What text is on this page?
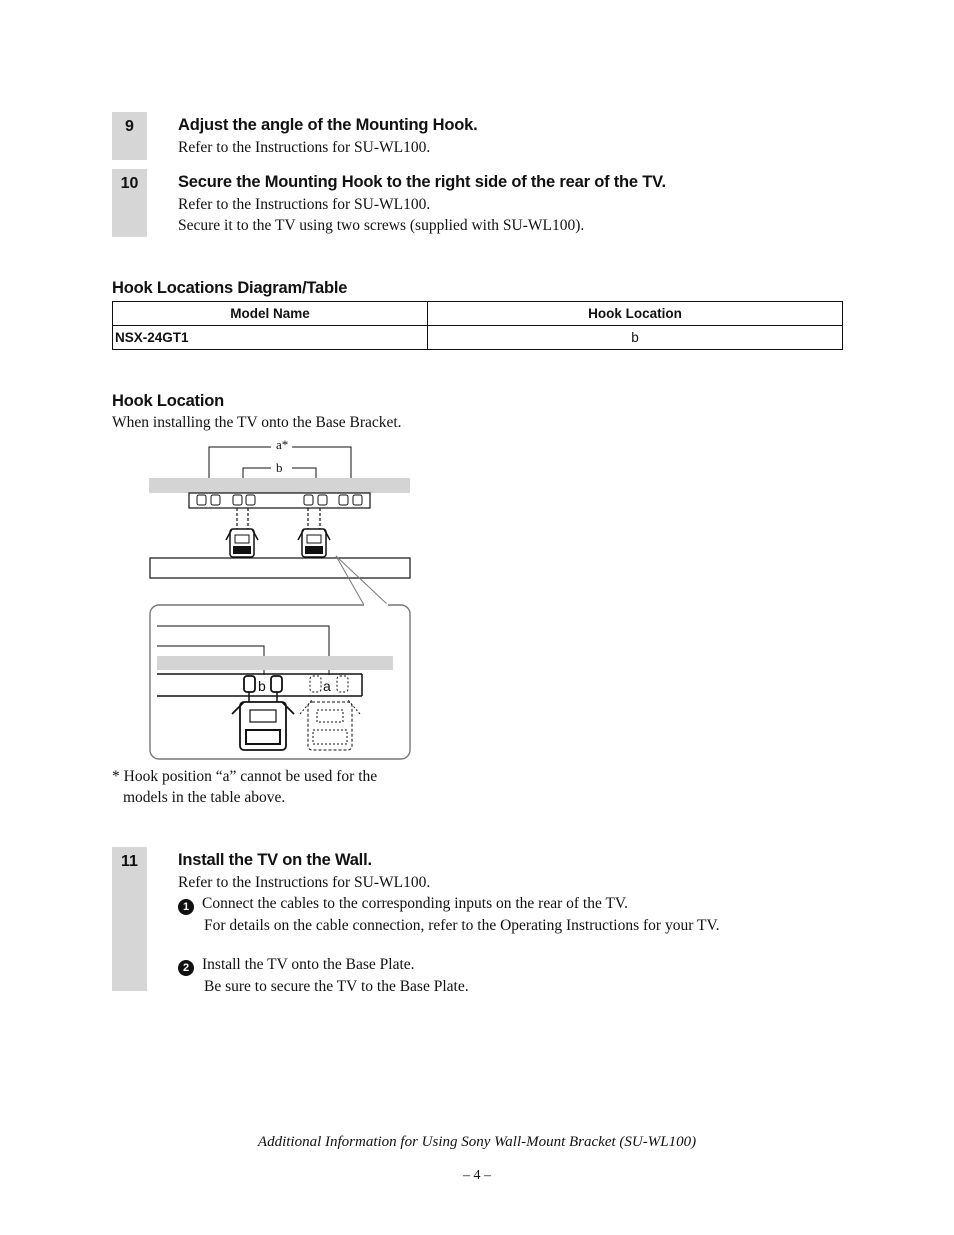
9	Adjust the angle of the Mounting Hook.
Refer to the Instructions for SU-WL100.
10	Secure the Mounting Hook to the right side of the rear of the TV.
Refer to the Instructions for SU-WL100.
Secure it to the TV using two screws (supplied with SU-WL100).
Hook Locations Diagram/Table
Model Name	Hook Location
NSX-24GT1	b
Hook Location
When installing the TV onto the Base Bracket.
a*
b
b	a
* Hook position “a” cannot be used for the
models in the table above.
11	Install the TV on the Wall.
Refer to the Instructions for SU-WL100.
1 Connect the cables to the corresponding inputs on the rear of the TV.
For details on the cable connection, refer to the Operating Instructions for your TV.
2 Install the TV onto the Base Plate.
Be sure to secure the TV to the Base Plate.
Additional Information for Using Sony Wall-Mount Bracket (SU-WL100)
– 4 –
